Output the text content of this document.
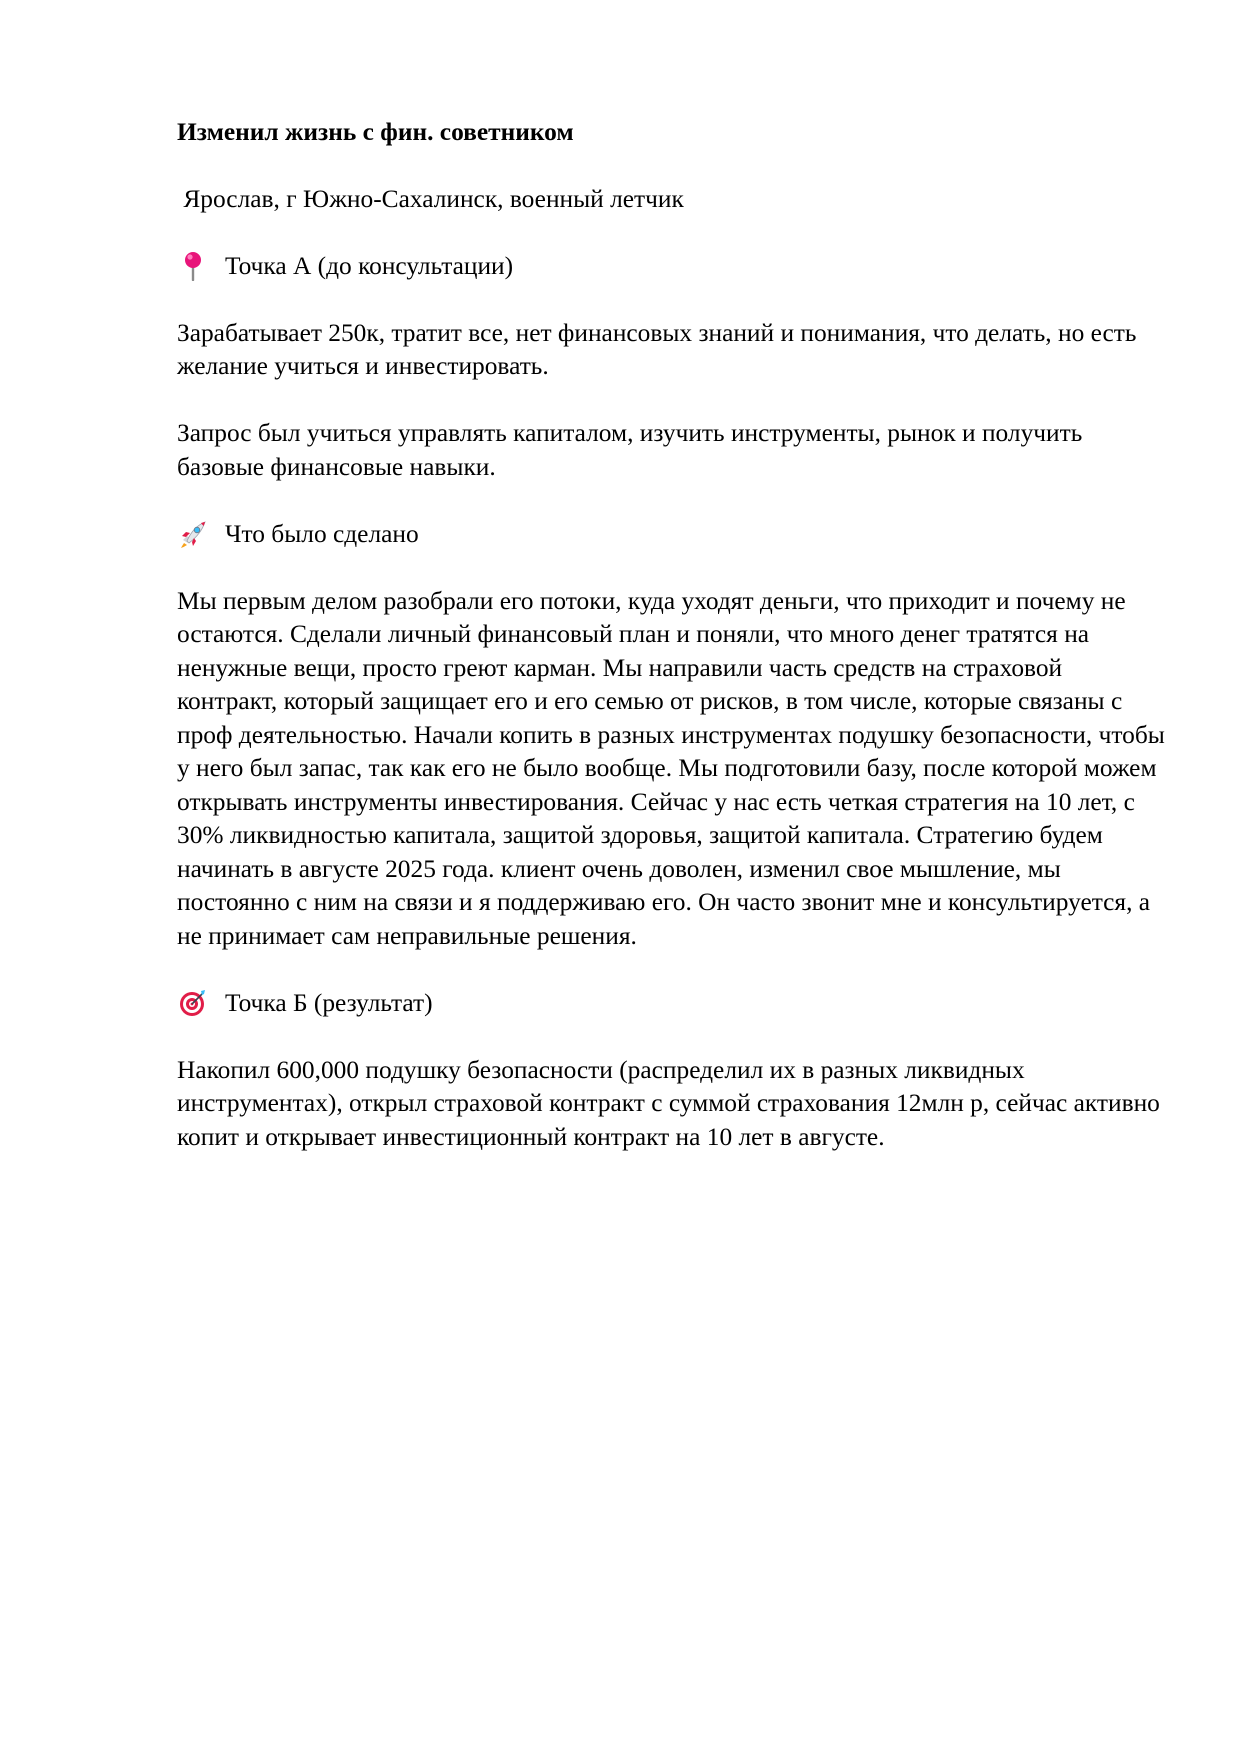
Изменил жизнь с фин. советником

Ярослав, г Южно-Сахалинск, военный летчик

Точка А (до консультации)

Зарабатывает 250к, тратит все, нет финансовых знаний и понимания, что делать, но есть желание учиться и инвестировать.

Запрос был учиться управлять капиталом, изучить инструменты, рынок и получить базовые финансовые навыки.

Что было сделано

Мы первым делом разобрали его потоки, куда уходят деньги, что приходит и почему не остаются. Сделали личный финансовый план и поняли, что много денег тратятся на ненужные вещи, просто греют карман. Мы направили часть средств на страховой контракт, который защищает его и его семью от рисков, в том числе, которые связаны с проф деятельностью. Начали копить в разных инструментах подушку безопасности, чтобы у него был запас, так как его не было вообще. Мы подготовили базу, после которой можем открывать инструменты инвестирования. Сейчас у нас есть четкая стратегия на 10 лет, с 30% ликвидностью капитала, защитой здоровья, защитой капитала. Стратегию будем начинать в августе 2025 года. клиент очень доволен, изменил свое мышление, мы постоянно с ним на связи и я поддерживаю его. Он часто звонит мне и консультируется, а не принимает сам неправильные решения.

Точка Б (результат)

Накопил 600,000 подушку безопасности (распределил их в разных ликвидных инструментах), открыл страховой контракт с суммой страхования 12млн р, сейчас активно копит и открывает инвестиционный контракт на 10 лет в августе.
